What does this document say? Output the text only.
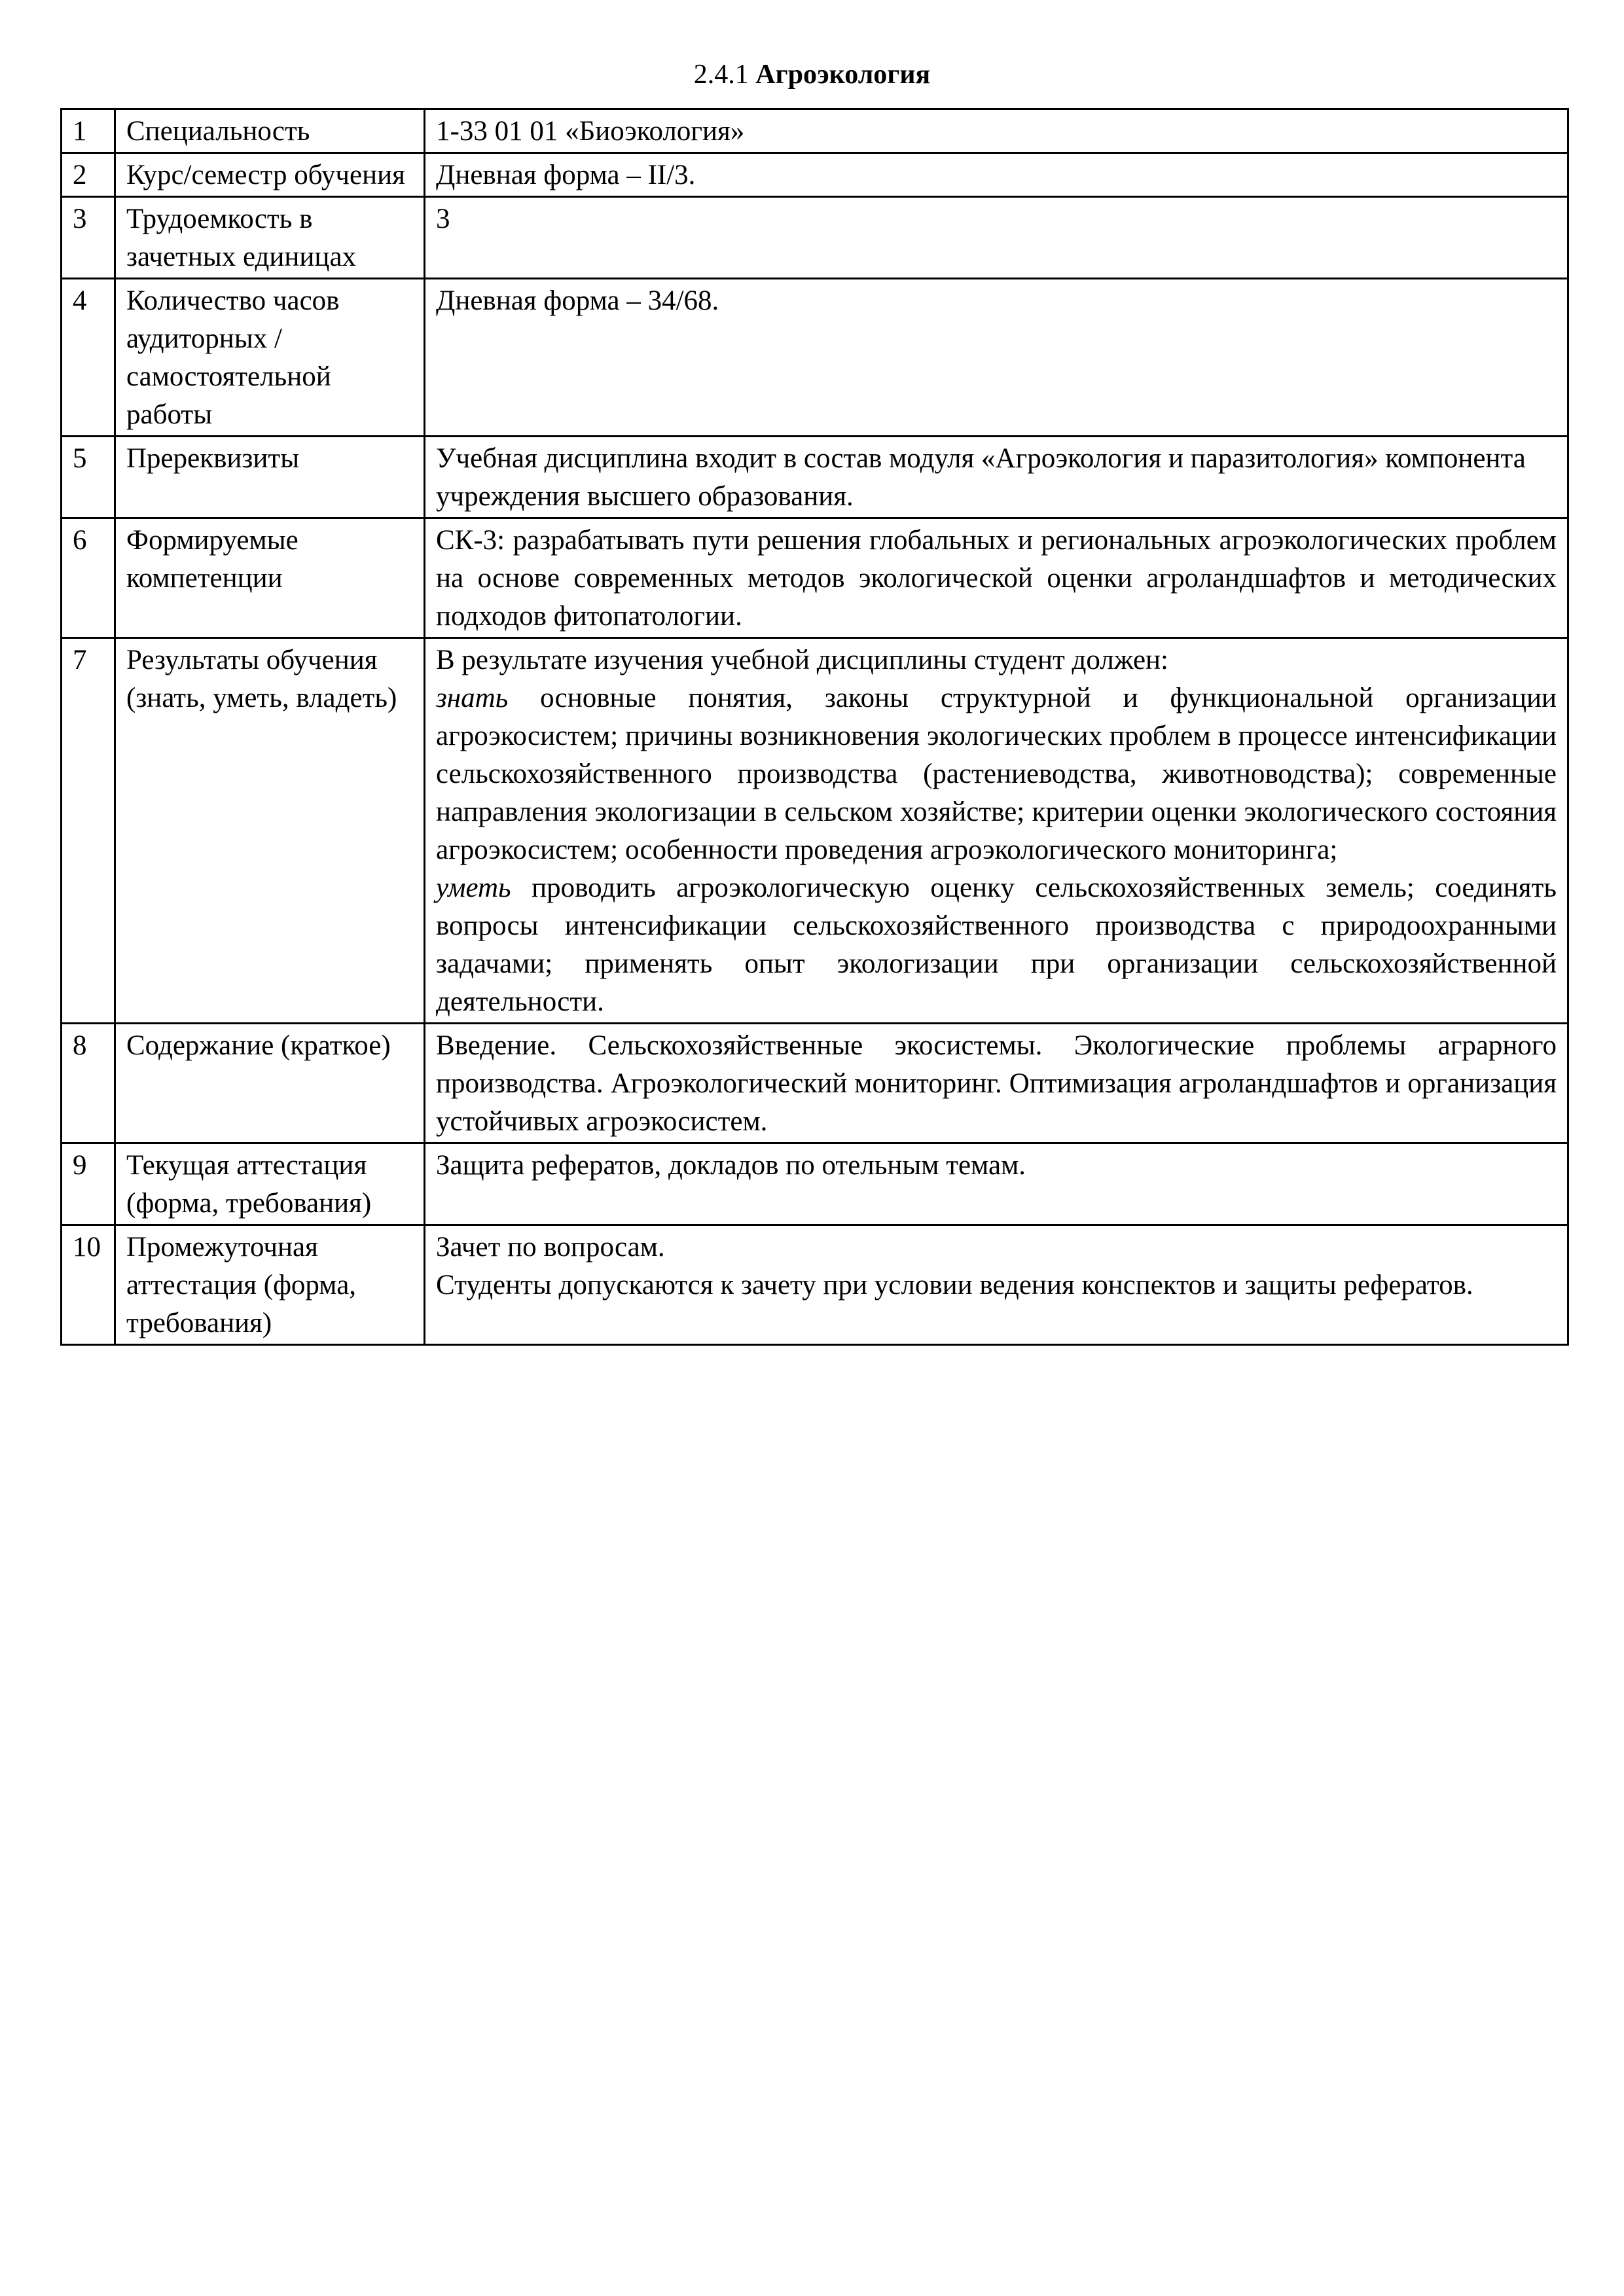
2.4.1 Агроэкология
1	Специальность	1-33 01 01 «Биоэкология»
2	Курс/семестр обучения	Дневная форма – II/3.
3	Трудоемкость в зачетных единицах	3
4	Количество часов аудиторных / самостоятельной работы	Дневная форма – 34/68.
5	Пререквизиты	Учебная дисциплина входит в состав модуля «Агроэкология и паразитология» компонента учреждения высшего образования.
6	Формируемые компетенции	СК-3: разрабатывать пути решения глобальных и региональных агроэкологических проблем на основе современных методов экологической оценки агроландшафтов и методических подходов фитопатологии.
7	Результаты обучения (знать, уметь, владеть)	В результате изучения учебной дисциплины студент должен:
знать основные понятия, законы структурной и функциональной организации агроэкосистем; причины возникновения экологических проблем в процессе интенсификации сельскохозяйственного производства (растениеводства, животноводства); современные направления экологизации в сельском хозяйстве; критерии оценки экологического состояния агроэкосистем; особенности проведения агроэкологического мониторинга;
уметь проводить агроэкологическую оценку сельскохозяйственных земель; соединять вопросы интенсификации сельскохозяйственного производства с природоохранными задачами; применять опыт экологизации при организации сельскохозяйственной деятельности.

8	Содержание (краткое)	Введение. Сельскохозяйственные экосистемы. Экологические проблемы аграрного производства. Агроэкологический мониторинг. Оптимизация агроландшафтов и организация устойчивых агроэкосистем.
9	Текущая аттестация (форма, требования)	Защита рефератов, докладов по отельным темам.
10	Промежуточная аттестация (форма, требования)	Зачет по вопросам.
Студенты допускаются к зачету при условии ведения конспектов и защиты рефератов.
